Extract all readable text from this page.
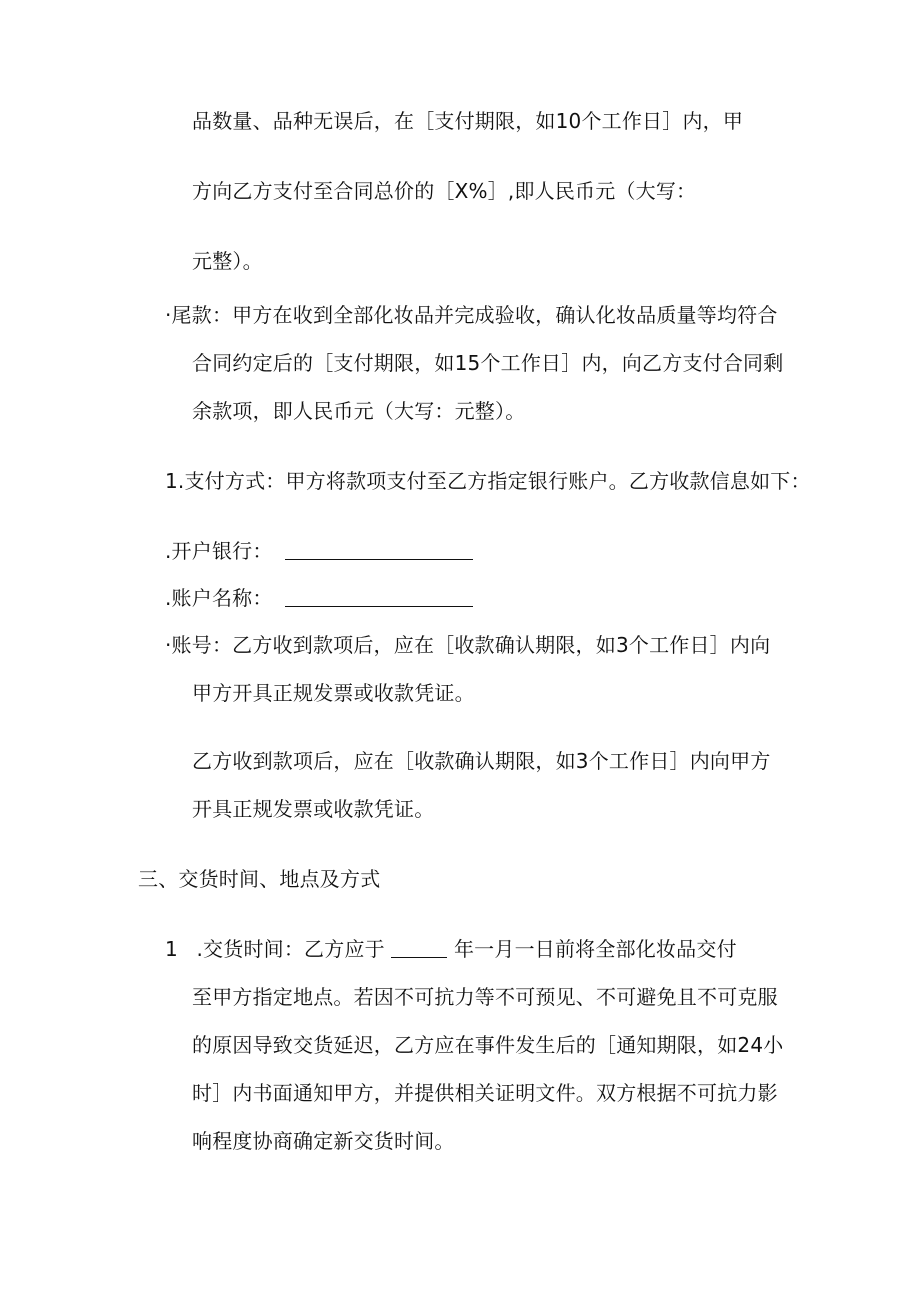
品数量、品种无误后，在［支付期限，如10个工作日］内，甲
方向乙方支付至合同总价的［X%］,即人民币元（大写：
元整）。
·尾款：甲方在收到全部化妆品并完成验收，确认化妆品质量等均符合
合同约定后的［支付期限，如15个工作日］内，向乙方支付合同剩
余款项，即人民币元（大写：元整）。
1.支付方式：甲方将款项支付至乙方指定银行账户。乙方收款信息如下：
.开户银行：
.账户名称：
·账号：乙方收到款项后，应在［收款确认期限，如3个工作日］内向
甲方开具正规发票或收款凭证。
乙方收到款项后，应在［收款确认期限，如3个工作日］内向甲方
开具正规发票或收款凭证。
三、交货时间、地点及方式
1 .交货时间：乙方应于	年一月一日前将全部化妆品交付
至甲方指定地点。若因不可抗力等不可预见、不可避免且不可克服
的原因导致交货延迟，乙方应在事件发生后的［通知期限，如24小
时］内书面通知甲方，并提供相关证明文件。双方根据不可抗力影
响程度协商确定新交货时间。
